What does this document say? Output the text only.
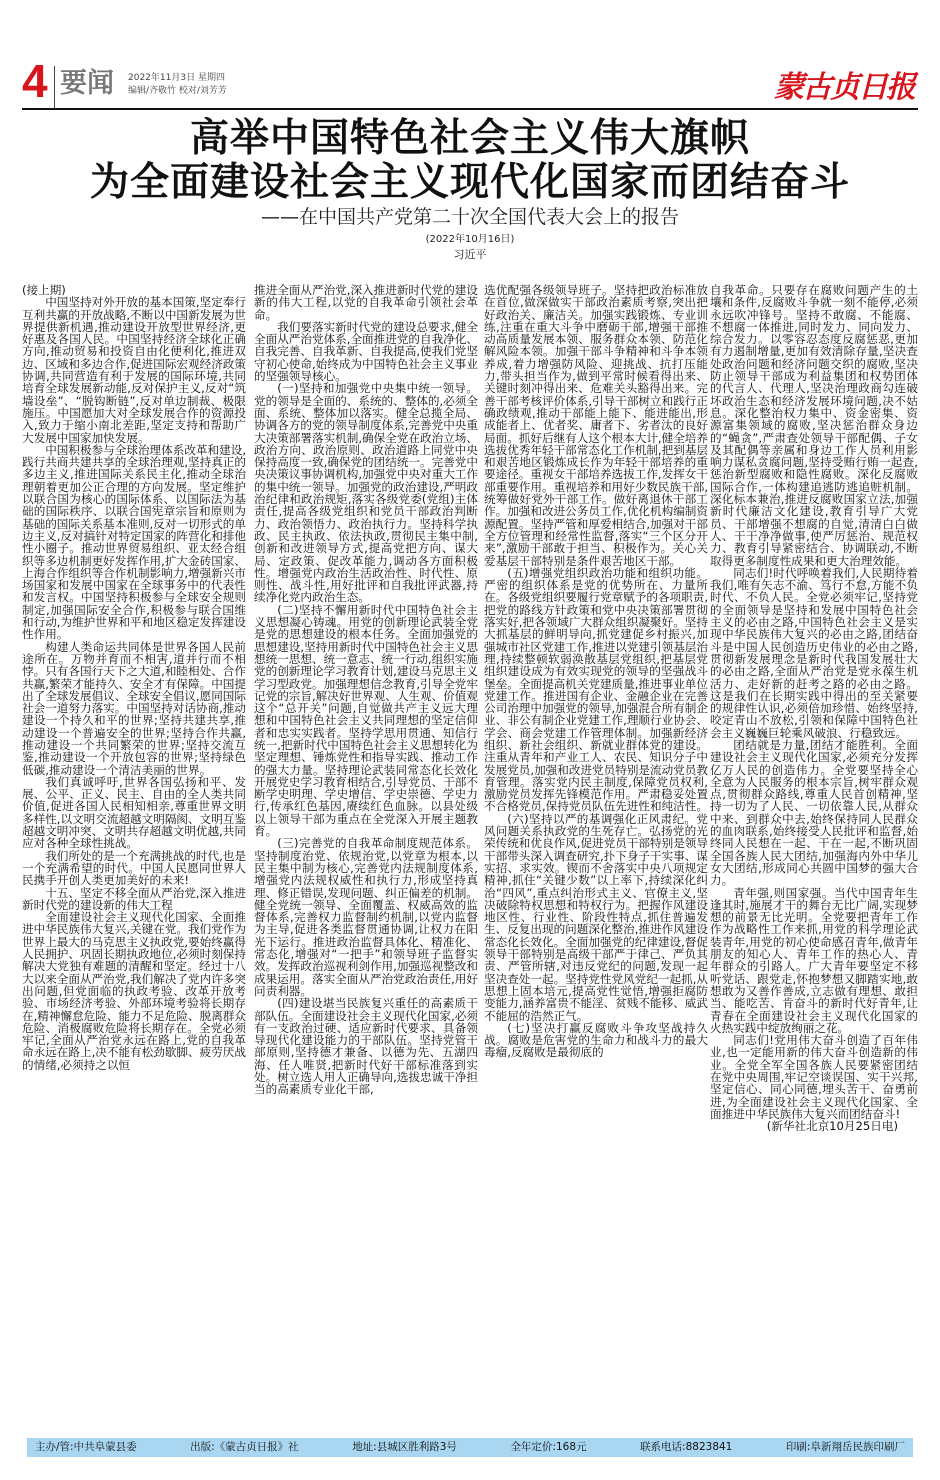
4 要闻 2022年11月3日 星期四
编辑/齐敬竹 校对/刘芳芳	蒙古贞日报
高举中国特色社会主义伟大旗帜
为全面建设社会主义现代化国家而团结奋斗
——在中国共产党第二十次全国代表大会上的报告
(2022年10月16日)
习近平

(接上期)

中国坚持对外开放的基本国策,坚定奉行互利共赢的开放战略,不断以中国新发展为世界提供新机遇,推动建设开放型世界经济,更好惠及各国人民。中国坚持经济全球化正确方向,推动贸易和投资自由化便利化,推进双边、区域和多边合作,促进国际宏观经济政策协调,共同营造有利于发展的国际环境,共同培育全球发展新动能,反对保护主义,反对“筑墙设垒”、“脱钩断链”,反对单边制裁、极限施压。中国愿加大对全球发展合作的资源投入,致力于缩小南北差距,坚定支持和帮助广大发展中国家加快发展。

中国积极参与全球治理体系改革和建设,践行共商共建共享的全球治理观,坚持真正的多边主义,推进国际关系民主化,推动全球治理朝着更加公正合理的方向发展。坚定维护以联合国为核心的国际体系、以国际法为基础的国际秩序、以联合国宪章宗旨和原则为基础的国际关系基本准则,反对一切形式的单边主义,反对搞针对特定国家的阵营化和排他性小圈子。推动世界贸易组织、亚太经合组织等多边机制更好发挥作用,扩大金砖国家、上海合作组织等合作机制影响力,增强新兴市场国家和发展中国家在全球事务中的代表性和发言权。中国坚持积极参与全球安全规则制定,加强国际安全合作,积极参与联合国维和行动,为维护世界和平和地区稳定发挥建设性作用。

构建人类命运共同体是世界各国人民前途所在。万物并育而不相害,道并行而不相悖。只有各国行天下之大道,和睦相处、合作共赢,繁荣才能持久、安全才有保障。中国提出了全球发展倡议、全球安全倡议,愿同国际社会一道努力落实。中国坚持对话协商,推动建设一个持久和平的世界;坚持共建共享,推动建设一个普遍安全的世界;坚持合作共赢,推动建设一个共同繁荣的世界;坚持交流互鉴,推动建设一个开放包容的世界;坚持绿色低碳,推动建设一个清洁美丽的世界。

我们真诚呼吁,世界各国弘扬和平、发展、公平、正义、民主、自由的全人类共同价值,促进各国人民相知相亲,尊重世界文明多样性,以文明交流超越文明隔阂、文明互鉴超越文明冲突、文明共存超越文明优越,共同应对各种全球性挑战。

我们所处的是一个充满挑战的时代,也是一个充满希望的时代。中国人民愿同世界人民携手开创人类更加美好的未来!

十五、坚定不移全面从严治党,深入推进新时代党的建设新的伟大工程

全面建设社会主义现代化国家、全面推进中华民族伟大复兴,关键在党。我们党作为世界上最大的马克思主义执政党,要始终赢得人民拥护、巩固长期执政地位,必须时刻保持解决大党独有难题的清醒和坚定。经过十八大以来全面从严治党,我们解决了党内许多突出问题,但党面临的执政考验、改革开放考验、市场经济考验、外部环境考验将长期存在,精神懈怠危险、能力不足危险、脱离群众危险、消极腐败危险将长期存在。全党必须牢记,全面从严治党永远在路上,党的自我革命永远在路上,决不能有松劲歇脚、疲劳厌战的情绪,必须持之以恒

推进全面从严治党,深入推进新时代党的建设新的伟大工程,以党的自我革命引领社会革命。

我们要落实新时代党的建设总要求,健全全面从严治党体系,全面推进党的自我净化、自我完善、自我革新、自我提高,使我们党坚守初心使命,始终成为中国特色社会主义事业的坚强领导核心。

(一)坚持和加强党中央集中统一领导。党的领导是全面的、系统的、整体的,必须全面、系统、整体加以落实。健全总揽全局、协调各方的党的领导制度体系,完善党中央重大决策部署落实机制,确保全党在政治立场、政治方向、政治原则、政治道路上同党中央保持高度一致,确保党的团结统一。完善党中央决策议事协调机构,加强党中央对重大工作的集中统一领导。加强党的政治建设,严明政治纪律和政治规矩,落实各级党委(党组)主体责任,提高各级党组织和党员干部政治判断力、政治领悟力、政治执行力。坚持科学执政、民主执政、依法执政,贯彻民主集中制,创新和改进领导方式,提高党把方向、谋大局、定政策、促改革能力,调动各方面积极性。增强党内政治生活政治性、时代性、原则性、战斗性,用好批评和自我批评武器,持续净化党内政治生态。

(二)坚持不懈用新时代中国特色社会主义思想凝心铸魂。用党的创新理论武装全党是党的思想建设的根本任务。全面加强党的思想建设,坚持用新时代中国特色社会主义思想统一思想、统一意志、统一行动,组织实施党的创新理论学习教育计划,建设马克思主义学习型政党。加强理想信念教育,引导全党牢记党的宗旨,解决好世界观、人生观、价值观这个“总开关”问题,自觉做共产主义远大理想和中国特色社会主义共同理想的坚定信仰者和忠实实践者。坚持学思用贯通、知信行统一,把新时代中国特色社会主义思想转化为坚定理想、锤炼党性和指导实践、推动工作的强大力量。坚持理论武装同常态化长效化开展党史学习教育相结合,引导党员、干部不断学史明理、学史增信、学史崇德、学史力行,传承红色基因,赓续红色血脉。以县处级以上领导干部为重点在全党深入开展主题教育。

(三)完善党的自我革命制度规范体系。坚持制度治党、依规治党,以党章为根本,以民主集中制为核心,完善党内法规制度体系,增强党内法规权威性和执行力,形成坚持真理、修正错误,发现问题、纠正偏差的机制。健全党统一领导、全面覆盖、权威高效的监督体系,完善权力监督制约机制,以党内监督为主导,促进各类监督贯通协调,让权力在阳光下运行。推进政治监督具体化、精准化、常态化,增强对“一把手”和领导班子监督实效。发挥政治巡视利剑作用,加强巡视整改和成果运用。落实全面从严治党政治责任,用好问责利器。

(四)建设堪当民族复兴重任的高素质干部队伍。全面建设社会主义现代化国家,必须有一支政治过硬、适应新时代要求、具备领导现代化建设能力的干部队伍。坚持党管干部原则,坚持德才兼备、以德为先、五湖四海、任人唯贤,把新时代好干部标准落到实处。树立选人用人正确导向,选拔忠诚干净担当的高素质专业化干部,

选优配强各级领导班子。坚持把政治标准放在首位,做深做实干部政治素质考察,突出把好政治关、廉洁关。加强实践锻炼、专业训练,注重在重大斗争中磨砺干部,增强干部推动高质量发展本领、服务群众本领、防范化解风险本领。加强干部斗争精神和斗争本领养成,着力增强防风险、迎挑战、抗打压能力,带头担当作为,做到平常时候看得出来、关键时刻冲得出来、危难关头豁得出来。完善干部考核评价体系,引导干部树立和践行正确政绩观,推动干部能上能下、能进能出,形成能者上、优者奖、庸者下、劣者汰的良好局面。抓好后继有人这个根本大计,健全培养选拔优秀年轻干部常态化工作机制,把到基层和艰苦地区锻炼成长作为年轻干部培养的重要途径。重视女干部培养选拔工作,发挥女干部重要作用。重视培养和用好少数民族干部,统筹做好党外干部工作。做好离退休干部工作。加强和改进公务员工作,优化机构编制资源配置。坚持严管和厚爱相结合,加强对干部全方位管理和经常性监督,落实“三个区分开来”,激励干部敢于担当、积极作为。关心关爱基层干部特别是条件艰苦地区干部。

(五)增强党组织政治功能和组织功能。严密的组织体系是党的优势所在、力量所在。各级党组织要履行党章赋予的各项职责,把党的路线方针政策和党中央决策部署贯彻落实好,把各领域广大群众组织凝聚好。坚持大抓基层的鲜明导向,抓党建促乡村振兴,加强城市社区党建工作,推进以党建引领基层治理,持续整顿软弱涣散基层党组织,把基层党组织建设成为有效实现党的领导的坚强战斗堡垒。全面提高机关党建质量,推进事业单位党建工作。推进国有企业、金融企业在完善公司治理中加强党的领导,加强混合所有制企业、非公有制企业党建工作,理顺行业协会、学会、商会党建工作管理体制。加强新经济组织、新社会组织、新就业群体党的建设。注重从青年和产业工人、农民、知识分子中发展党员,加强和改进党员特别是流动党员教育管理。落实党内民主制度,保障党员权利,激励党员发挥先锋模范作用。严肃稳妥处置不合格党员,保持党员队伍先进性和纯洁性。

(六)坚持以严的基调强化正风肃纪。党风问题关系执政党的生死存亡。弘扬党的光荣传统和优良作风,促进党员干部特别是领导干部带头深入调查研究,扑下身子干实事、谋实招、求实效。锲而不舍落实中央八项规定精神,抓住“关键少数”以上率下,持续深化纠治“四风”,重点纠治形式主义、官僚主义,坚决破除特权思想和特权行为。把握作风建设地区性、行业性、阶段性特点,抓住普遍发生、反复出现的问题深化整治,推进作风建设常态化长效化。全面加强党的纪律建设,督促领导干部特别是高级干部严于律己、严负其责、严管所辖,对违反党纪的问题,发现一起坚决查处一起。坚持党性党风党纪一起抓,从思想上固本培元,提高党性觉悟,增强拒腐防变能力,涵养富贵不能淫、贫贱不能移、威武不能屈的浩然正气。

(七)坚决打赢反腐败斗争攻坚战持久战。腐败是危害党的生命力和战斗力的最大毒瘤,反腐败是最彻底的

自我革命。只要存在腐败问题产生的土壤和条件,反腐败斗争就一刻不能停,必须永远吹冲锋号。坚持不敢腐、不能腐、不想腐一体推进,同时发力、同向发力、综合发力。以零容忍态度反腐惩恶,更加有力遏制增量,更加有效清除存量,坚决查处政治问题和经济问题交织的腐败,坚决防止领导干部成为利益集团和权势团体的代言人、代理人,坚决治理政商勾连破坏政治生态和经济发展环境问题,决不姑息。深化整治权力集中、资金密集、资源富集领域的腐败,坚决惩治群众身边的“蝇贪”,严肃查处领导干部配偶、子女及其配偶等亲属和身边工作人员利用影响力谋私贪腐问题,坚持受贿行贿一起查,惩治新型腐败和隐性腐败。深化反腐败国际合作,一体构建追逃防逃追赃机制。深化标本兼治,推进反腐败国家立法,加强新时代廉洁文化建设,教育引导广大党员、干部增强不想腐的自觉,清清白白做人、干干净净做事,使严厉惩治、规范权力、教育引导紧密结合、协调联动,不断取得更多制度性成果和更大治理效能。

同志们!时代呼唤着我们,人民期待着我们,唯有矢志不渝、笃行不怠,方能不负时代、不负人民。全党必须牢记,坚持党的全面领导是坚持和发展中国特色社会主义的必由之路,中国特色社会主义是实现中华民族伟大复兴的必由之路,团结奋斗是中国人民创造历史伟业的必由之路,贯彻新发展理念是新时代我国发展壮大的必由之路,全面从严治党是党永葆生机活力、走好新的赶考之路的必由之路。这是我们在长期实践中得出的至关紧要的规律性认识,必须倍加珍惜、始终坚持,咬定青山不放松,引领和保障中国特色社会主义巍巍巨轮乘风破浪、行稳致远。

团结就是力量,团结才能胜利。全面建设社会主义现代化国家,必须充分发挥亿万人民的创造伟力。全党要坚持全心全意为人民服务的根本宗旨,树牢群众观点,贯彻群众路线,尊重人民首创精神,坚持一切为了人民、一切依靠人民,从群众中来、到群众中去,始终保持同人民群众的血肉联系,始终接受人民批评和监督,始终同人民想在一起、干在一起,不断巩固全国各族人民大团结,加强海内外中华儿女大团结,形成同心共圆中国梦的强大合力。

青年强,则国家强。当代中国青年生逢其时,施展才干的舞台无比广阔,实现梦想的前景无比光明。全党要把青年工作作为战略性工作来抓,用党的科学理论武装青年,用党的初心使命感召青年,做青年朋友的知心人、青年工作的热心人、青年群众的引路人。广大青年要坚定不移听党话、跟党走,怀抱梦想又脚踏实地,敢想敢为又善作善成,立志做有理想、敢担当、能吃苦、肯奋斗的新时代好青年,让青春在全面建设社会主义现代化国家的火热实践中绽放绚丽之花。

同志们!党用伟大奋斗创造了百年伟业,也一定能用新的伟大奋斗创造新的伟业。全党全军全国各族人民要紧密团结在党中央周围,牢记空谈误国、实干兴邦,坚定信心、同心同德,埋头苦干、奋勇前进,为全面建设社会主义现代化国家、全面推进中华民族伟大复兴而团结奋斗!

(新华社北京10月25日电)

主办/管:中共阜蒙县委	出版:《蒙古贞日报》社	地址:县城区胜利路3号	全年定价:168元	联系电话:8823841	印刷:阜新翔岳民族印刷厂
